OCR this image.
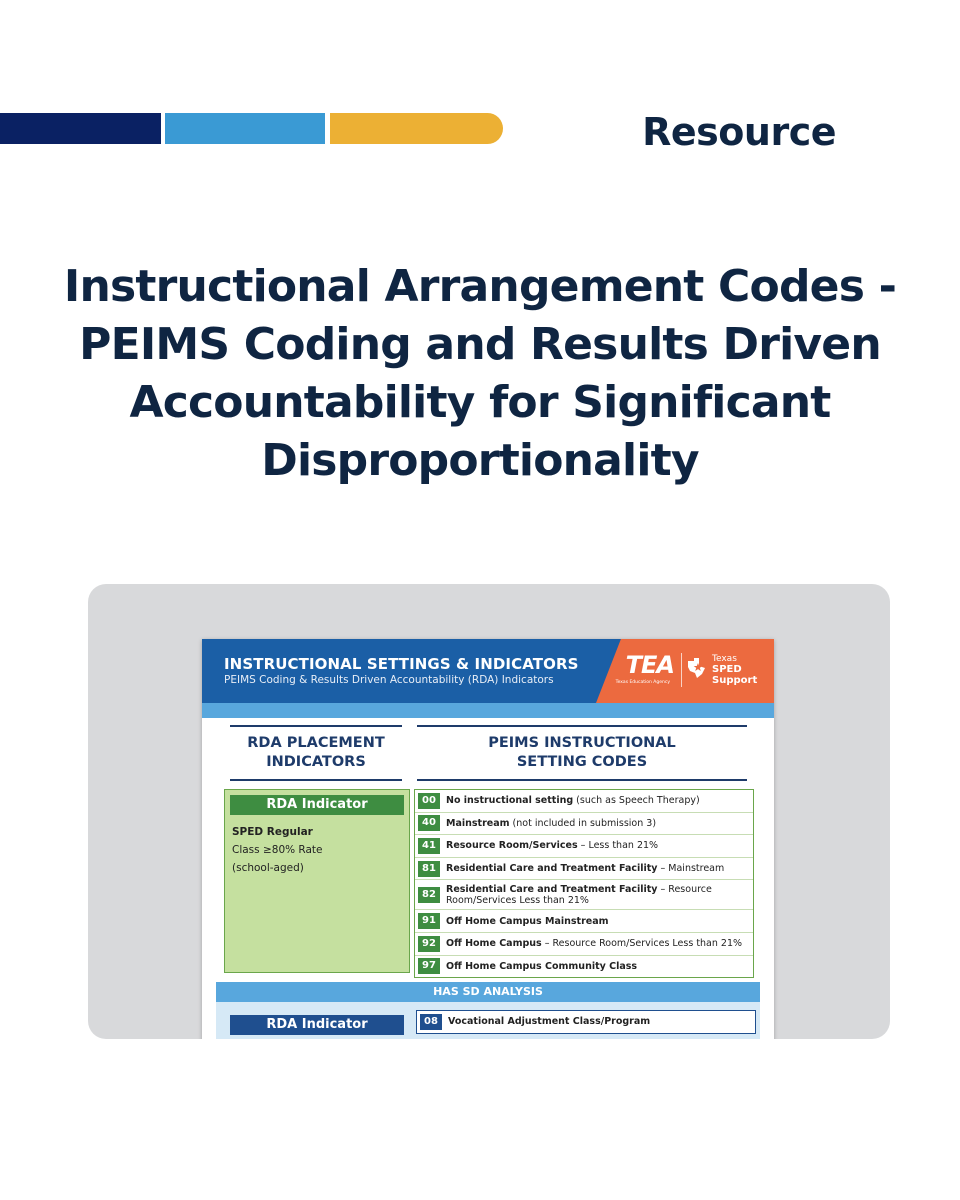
Resource
Instructional Arrangement Codes - PEIMS Coding and Results Driven Accountability for Significant Disproportionality
INSTRUCTIONAL SETTINGS & INDICATORS
PEIMS Coding & Results Driven Accountability (RDA) Indicators
TEA
Texas Education Agency
Texas
SPED
Support
RDA PLACEMENT INDICATORS
PEIMS INSTRUCTIONAL SETTING CODES
RDA Indicator
SPED Regular
Class ≥80% Rate
(school-aged)
00	No instructional setting (such as Speech Therapy)
40	Mainstream (not included in submission 3)
41	Resource Room/Services – Less than 21%
81	Residential Care and Treatment Facility – Mainstream
82	Residential Care and Treatment Facility – Resource Room/Services Less than 21%
91	Off Home Campus Mainstream
92	Off Home Campus – Resource Room/Services Less than 21%
97	Off Home Campus Community Class
HAS SD ANALYSIS
RDA Indicator	08	Vocational Adjustment Class/Program
